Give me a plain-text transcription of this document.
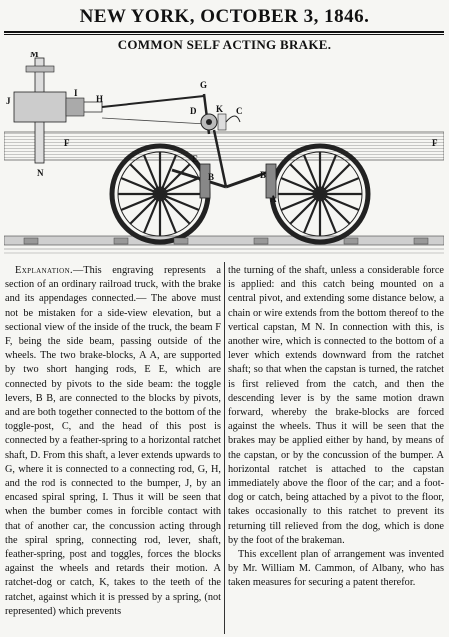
NEW YORK, OCTOBER 3, 1846.
COMMON SELF ACTING BRAKE.
M
J	H
G
D K C
F	F
N
I
E
B	B
A

Explanation.—This engraving represents a section of an ordinary railroad truck, with the brake and its appendages connected.— The above must not be mistaken for a side-view elevation, but a sectional view of the inside of the truck, the beam F F, being the side beam, passing outside of the wheels. The two brake-blocks, A A, are supported by two short hanging rods, E E, which are connected by pivots to the side beam: the toggle levers, B B, are connected to the blocks by pivots, and are both together connected to the bottom of the toggle-post, C, and the head of this post is connected by a feather-spring to a horizontal ratchet shaft, D. From this shaft, a lever extends upwards to G, where it is connected to a connecting rod, G, H, and the rod is connected to the bumper, J, by an encased spiral spring, I. Thus it will be seen that when the bumber comes in forcible contact with that of another car, the concussion acting through the spiral spring, connecting rod, lever, shaft, feather-spring, post and toggles, forces the blocks against the wheels and retards their motion. A ratchet-dog or catch, K, takes to the teeth of the ratchet, against which it is pressed by a spring, (not represented) which prevents

the turning of the shaft, unless a considerable force is applied: and this catch being mounted on a central pivot, and extending some distance below, a chain or wire extends from the bottom thereof to the vertical capstan, M N. In connection with this, is another wire, which is connected to the bottom of a lever which extends downward from the ratchet shaft; so that when the capstan is turned, the ratchet is first relieved from the catch, and then the descending lever is by the same motion drawn forward, whereby the brake-blocks are forced against the wheels. Thus it will be seen that the brakes may be applied either by hand, by means of the capstan, or by the concussion of the bumper. A horizontal ratchet is attached to the capstan immediately above the floor of the car; and a foot-dog or catch, being attached by a pivot to the floor, takes occasionally to this ratchet to prevent its returning till relieved from the dog, which is done by the foot of the brakeman.

This excellent plan of arrangement was invented by Mr. William M. Cammon, of Albany, who has taken measures for securing a patent therefor.
